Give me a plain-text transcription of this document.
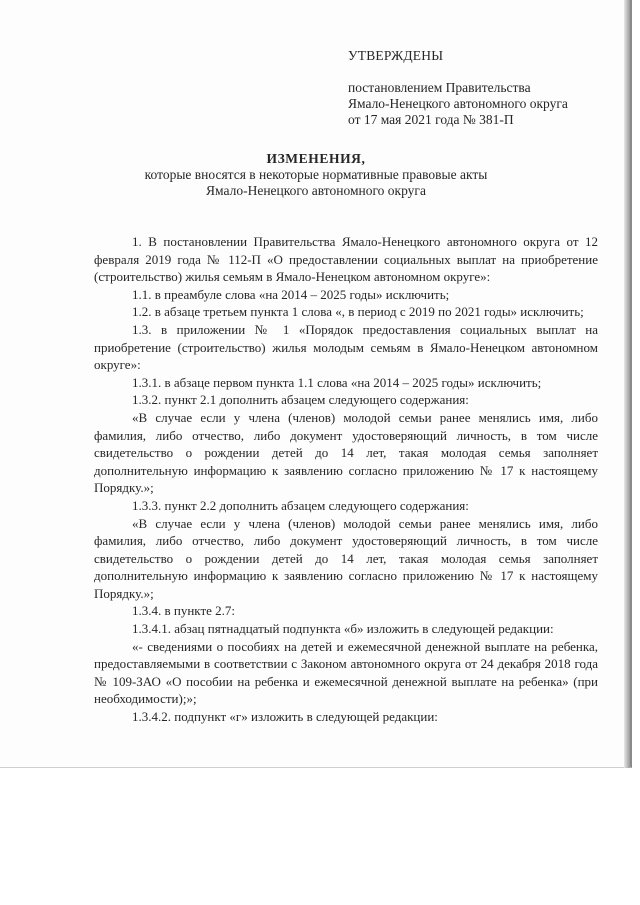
УТВЕРЖДЕНЫ
постановлением Правительства
Ямало-Ненецкого автономного округа
от 17 мая 2021 года № 381-П
ИЗМЕНЕНИЯ,
которые вносятся в некоторые нормативные правовые акты
Ямало-Ненецкого автономного округа

1. В постановлении Правительства Ямало-Ненецкого автономного округа от 12 февраля 2019 года № 112-П «О предоставлении социальных выплат на приобретение (строительство) жилья семьям в Ямало-Ненецком автономном округе»:

1.1. в преамбуле слова «на 2014 – 2025 годы» исключить;

1.2. в абзаце третьем пункта 1 слова «, в период с 2019 по 2021 годы» исключить;

1.3. в приложении № 1 «Порядок предоставления социальных выплат на приобретение (строительство) жилья молодым семьям в Ямало-Ненецком автономном округе»:

1.3.1. в абзаце первом пункта 1.1 слова «на 2014 – 2025 годы» исключить;

1.3.2. пункт 2.1 дополнить абзацем следующего содержания:

«В случае если у члена (членов) молодой семьи ранее менялись имя, либо фамилия, либо отчество, либо документ удостоверяющий личность, в том числе свидетельство о рождении детей до 14 лет, такая молодая семья заполняет дополнительную информацию к заявлению согласно приложению № 17 к настоящему Порядку.»;

1.3.3. пункт 2.2 дополнить абзацем следующего содержания:

«В случае если у члена (членов) молодой семьи ранее менялись имя, либо фамилия, либо отчество, либо документ удостоверяющий личность, в том числе свидетельство о рождении детей до 14 лет, такая молодая семья заполняет дополнительную информацию к заявлению согласно приложению № 17 к настоящему Порядку.»;

1.3.4. в пункте 2.7:

1.3.4.1. абзац пятнадцатый подпункта «б» изложить в следующей редакции:

«- сведениями о пособиях на детей и ежемесячной денежной выплате на ребенка, предоставляемыми в соответствии с Законом автономного округа от 24 декабря 2018 года № 109-ЗАО «О пособии на ребенка и ежемесячной денежной выплате на ребенка» (при необходимости);»;

1.3.4.2. подпункт «г» изложить в следующей редакции:
